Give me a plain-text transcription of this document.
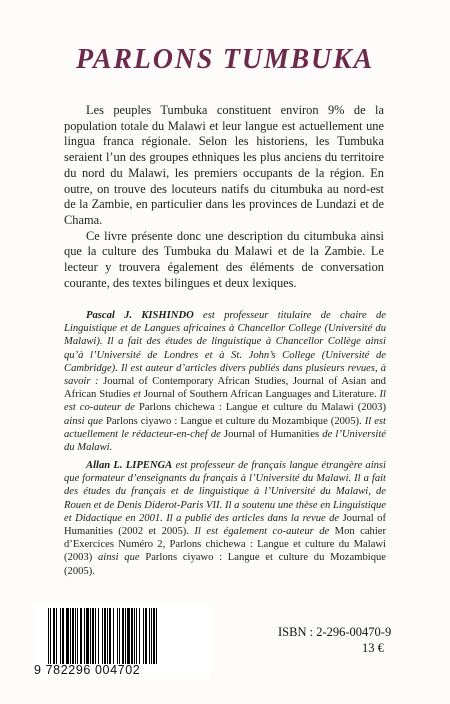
PARLONS TUMBUKA

Les peuples Tumbuka constituent environ 9% de la population totale du Malawi et leur langue est actuellement une lingua franca régionale. Selon les historiens, les Tumbuka seraient l’un des groupes ethniques les plus anciens du territoire du nord du Malawi, les premiers occupants de la région. En outre, on trouve des locuteurs natifs du citumbuka au nord-est de la Zambie, en particulier dans les provinces de Lundazi et de Chama.

Ce livre présente donc une description du citumbuka ainsi que la culture des Tumbuka du Malawi et de la Zambie. Le lecteur y trouvera également des éléments de conversation courante, des textes bilingues et deux lexiques.

Pascal J. KISHINDO est professeur titulaire de chaire de Linguistique et de Langues africaines à Chancellor College (Université du Malawi). Il a fait des études de linguistique à Chancellor Collège ainsi qu’à l’Université de Londres et à St. John’s College (Université de Cambridge). Il est auteur d’articles divers publiés dans plusieurs revues, à savoir : Journal of Contemporary African Studies, Journal of Asian and African Studies et Journal of Southern African Languages and Literature. Il est co-auteur de Parlons chichewa : Langue et culture du Malawi (2003) ainsi que Parlons ciyawo : Langue et culture du Mozambique (2005). Il est actuellement le rédacteur-en-chef de Journal of Humanities de l’Université du Malawi.

Allan L. LIPENGA est professeur de français langue étrangère ainsi que formateur d’enseignants du français à l’Université du Malawi. Il a fait des études du français et de linguistique à l’Université du Malawi, de Rouen et de Denis Diderot-Paris VII. Il a soutenu une thèse en Linguistique et Didactique en 2001. Il a publié des articles dans la revue de Journal of Humanities (2002 et 2005). Il est également co-auteur de Mon cahier d’Exercices Numéro 2, Parlons chichewa : Langue et culture du Malawi (2003) ainsi que Parlons ciyawo : Langue et culture du Mozambique (2005).

9 782296 004702
ISBN : 2-296-00470-9
13 €
